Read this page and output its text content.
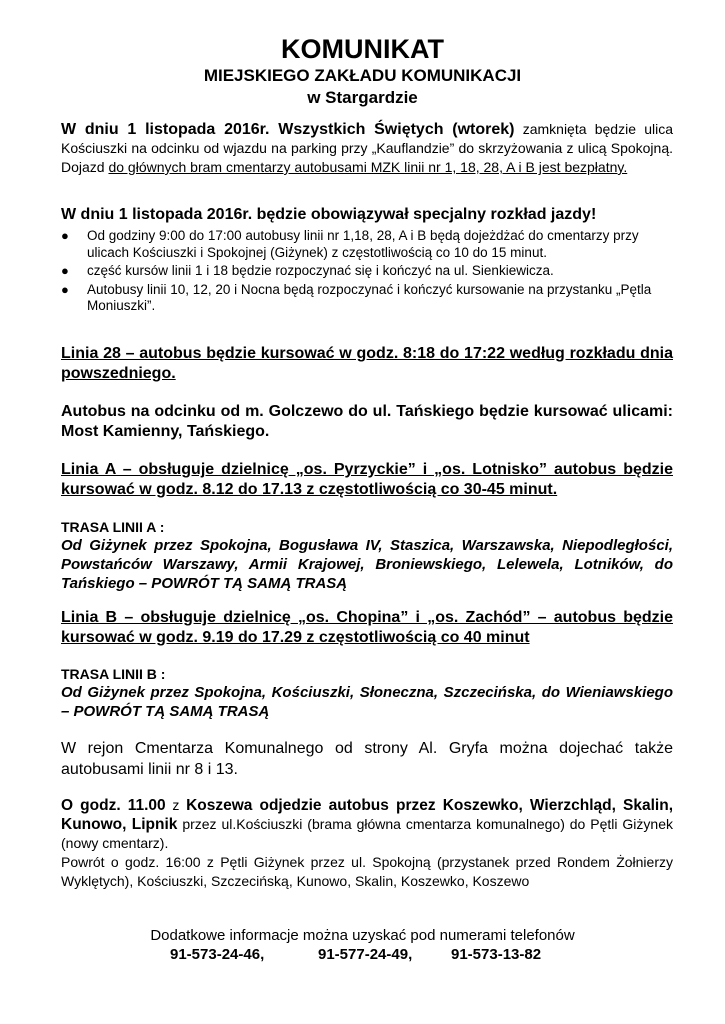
KOMUNIKAT
MIEJSKIEGO ZAKŁADU KOMUNIKACJI
w Stargardzie
W dniu 1 listopada 2016r. Wszystkich Świętych (wtorek) zamknięta będzie ulica Kościuszki na odcinku od wjazdu na parking przy „Kauflandzie” do skrzyżowania z ulicą Spokojną. Dojazd do głównych bram cmentarzy autobusami MZK linii nr 1, 18, 28, A i B jest bezpłatny.
W dniu 1 listopada 2016r. będzie obowiązywał specjalny rozkład jazdy!
● Od godziny 9:00 do 17:00 autobusy linii nr 1,18, 28, A i B będą dojeżdżać do cmentarzy przy ulicach Kościuszki i Spokojnej (Giżynek) z częstotliwością co 10 do 15 minut.
● część kursów linii 1 i 18 będzie rozpoczynać się i kończyć na ul. Sienkiewicza.
● Autobusy linii 10, 12, 20 i Nocna będą rozpoczynać i kończyć kursowanie na przystanku „Pętla Moniuszki”.
Linia 28 – autobus będzie kursować w godz. 8:18 do 17:22 według rozkładu dnia powszedniego.
Autobus na odcinku od m. Golczewo do ul. Tańskiego będzie kursować ulicami: Most Kamienny, Tańskiego.
Linia A – obsługuje dzielnicę „os. Pyrzyckie” i „os. Lotnisko” autobus będzie kursować w godz. 8.12 do 17.13 z częstotliwością co 30-45 minut.
TRASA LINII A :
Od Giżynek przez Spokojna, Bogusława IV, Staszica, Warszawska, Niepodległości, Powstańców Warszawy, Armii Krajowej, Broniewskiego, Lelewela, Lotników, do Tańskiego – POWRÓT TĄ SAMĄ TRASĄ
Linia B – obsługuje dzielnicę „os. Chopina” i „os. Zachód” – autobus będzie kursować w godz. 9.19 do 17.29 z częstotliwością co 40 minut
TRASA LINII B :
Od Giżynek przez Spokojna, Kościuszki, Słoneczna, Szczecińska, do Wieniawskiego – POWRÓT TĄ SAMĄ TRASĄ
W rejon Cmentarza Komunalnego od strony Al. Gryfa można dojechać także autobusami linii nr 8 i 13.
O godz. 11.00 z Koszewa odjedzie autobus przez Koszewko, Wierzchląd, Skalin, Kunowo, Lipnik przez ul.Kościuszki (brama główna cmentarza komunalnego) do Pętli Giżynek (nowy cmentarz).
Powrót o godz. 16:00 z Pętli Giżynek przez ul. Spokojną (przystanek przed Rondem Żołnierzy Wyklętych), Kościuszki, Szczecińską, Kunowo, Skalin, Koszewko, Koszewo
Dodatkowe informacje można uzyskać pod numerami telefonów
91-573-24-46,	91-577-24-49,	91-573-13-82
